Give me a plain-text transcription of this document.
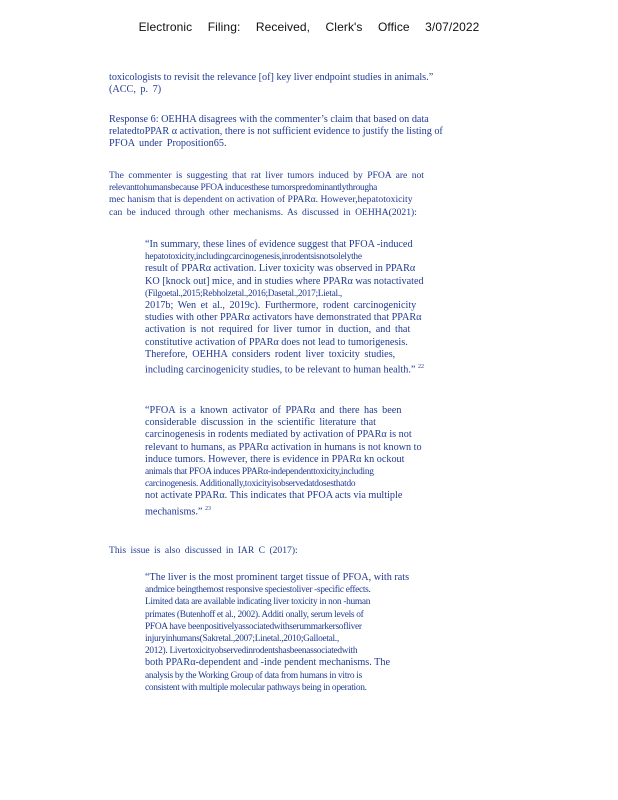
Electronic Filing: Received, Clerk's Office 3/07/2022

toxicologists to revisit the relevance [of] key liver endpoint studies in animals.”

(ACC, p. 7)

Response 6: OEHHA disagrees with the commenter’s claim that based on data

relatedtoPPAR α activation, there is not sufficient evidence to justify the listing of

PFOA under Proposition65.

The commenter is suggesting that rat liver tumors induced by PFOA are not

relevanttohumansbecause PFOA inducesthese tumorspredominantlythrougha

mec hanism that is dependent on activation of PPARα. However,hepatotoxicity

can be induced through other mechanisms. As discussed in OEHHA(2021):

“In summary, these lines of evidence suggest that PFOA -induced

hepatotoxicity,includingcarcinogenesis,inrodentsisnotsolelythe

result of PPARα activation. Liver toxicity was observed in PPARα

KO [knock out] mice, and in studies where PPARα was notactivated

(Filgoetal.,2015;Rebholzetal.,2016;Dasetal.,2017;Lietal.,

2017b; Wen et al., 2019c). Furthermore, rodent carcinogenicity

studies with other PPARα activators have demonstrated that PPARα

activation is not required for liver tumor in duction, and that

constitutive activation of PPARα does not lead to tumorigenesis.

Therefore, OEHHA considers rodent liver toxicity studies,

including carcinogenicity studies, to be relevant to human health.” $^{22}$

“PFOA is a known activator of PPARα and there has been

considerable discussion in the scientific literature that

carcinogenesis in rodents mediated by activation of PPARα is not

relevant to humans, as PPARα activation in humans is not known to

induce tumors. However, there is evidence in PPARα kn ockout

animals that PFOA induces PPARα-independenttoxicity,including

carcinogenesis. Additionally,toxicityisobservedatdosesthatdo

not activate PPARα. This indicates that PFOA acts via multiple

mechanisms.” $^{23}$

This issue is also discussed in IAR C (2017):

“The liver is the most prominent target tissue of PFOA, with rats

andmice beingthemost responsive speciestoliver -specific effects.

Limited data are available indicating liver toxicity in non -human

primates (Butenhoff et al., 2002). Additi onally, serum levels of

PFOA have beenpositivelyassociatedwithserummarkersofliver

injuryinhumans(Sakretal.,2007;Linetal.,2010;Galloetal.,

2012). Livertoxicityobservedinrodentshasbeenassociatedwith

both PPARα-dependent and -inde pendent mechanisms. The

analysis by the Working Group of data from humans in vitro is

consistent with multiple molecular pathways being in operation.
